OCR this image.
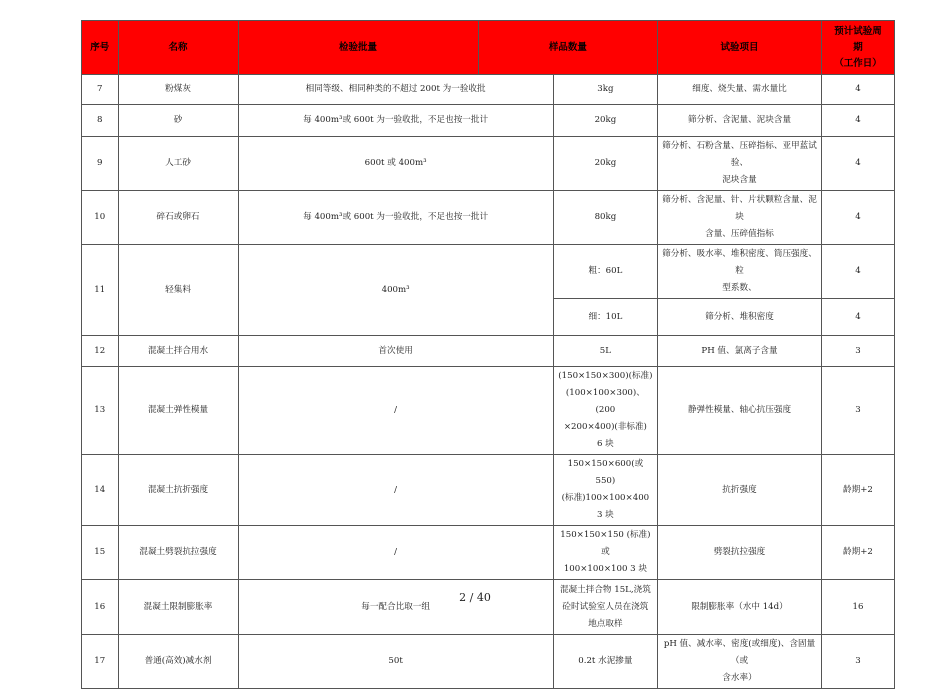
序号	名称	检验批量	样品数量		试验项目	预计试验周
期
（工作日）
7	粉煤灰	相同等级、相同种类的不超过 200t 为一验收批		3kg	细度、烧失量、需水量比	4
8	砂	每 400m³或 600t 为一验收批，不足也按一批计		20kg	筛分析、含泥量、泥块含量	4
9	人工砂	600t 或 400m³		20kg	筛分析、石粉含量、压碎指标、亚甲蓝试验、
泥块含量	4
10	碎石或卵石	每 400m³或 600t 为一验收批，不足也按一批计		80kg	筛分析、含泥量、针、片状颗粒含量、泥块
含量、压碎值指标	4
11	轻集料	400m³		粗：60L	筛分析、吸水率、堆积密度、筒压强度、粒
型系数、	4
				细：10L	筛分析、堆积密度	4
12	混凝土拌合用水	首次使用		5L	PH 值、氯离子含量	3
13	混凝土弹性模量	/		(150×150×300)(标准)
(100×100×300)、(200
×200×400)(非标准)
6 块	静弹性模量、轴心抗压强度	3
14	混凝土抗折强度	/		150×150×600(或 550)
(标准)100×100×400
3 块	抗折强度	龄期+2
15	混凝土劈裂抗拉强度	/		150×150×150 (标准)
或
100×100×100 3 块	劈裂抗拉强度	龄期+2
16	混凝土限制膨胀率	每一配合比取一组		混凝土拌合物 15L,浇筑
砼时试验室人员在浇筑
地点取样	限制膨胀率（水中 14d）	16
17	普通(高效)减水剂	50t		0.2t 水泥掺量	pH 值、减水率、密度(或细度)、含固量（或
含水率）	3
2 / 40
